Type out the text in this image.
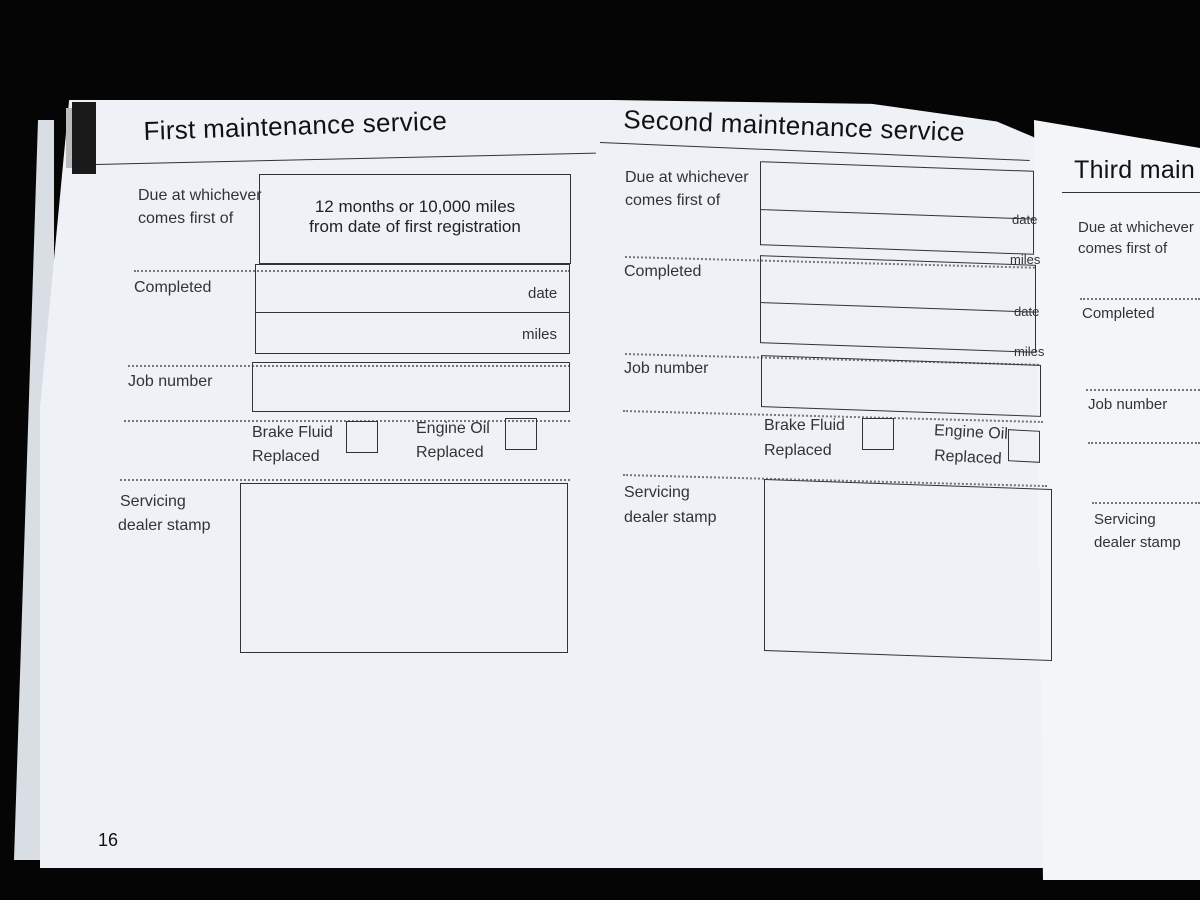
First maintenance service
Due at whichever
comes first of
12 months or 10,000 miles
from date of first registration
Completed	date
miles
Job number
Brake Fluid
Replaced
Engine Oil
Replaced
Servicing
dealer stamp
16
Second maintenance service
Due at whichever
comes first of
date
miles
Completed
date
miles
Job number
Brake Fluid
Replaced
Engine Oil
Replaced
Servicing
dealer stamp
Third main
Due at whichever
comes first of
Completed
Job number
Servicing
dealer stamp
